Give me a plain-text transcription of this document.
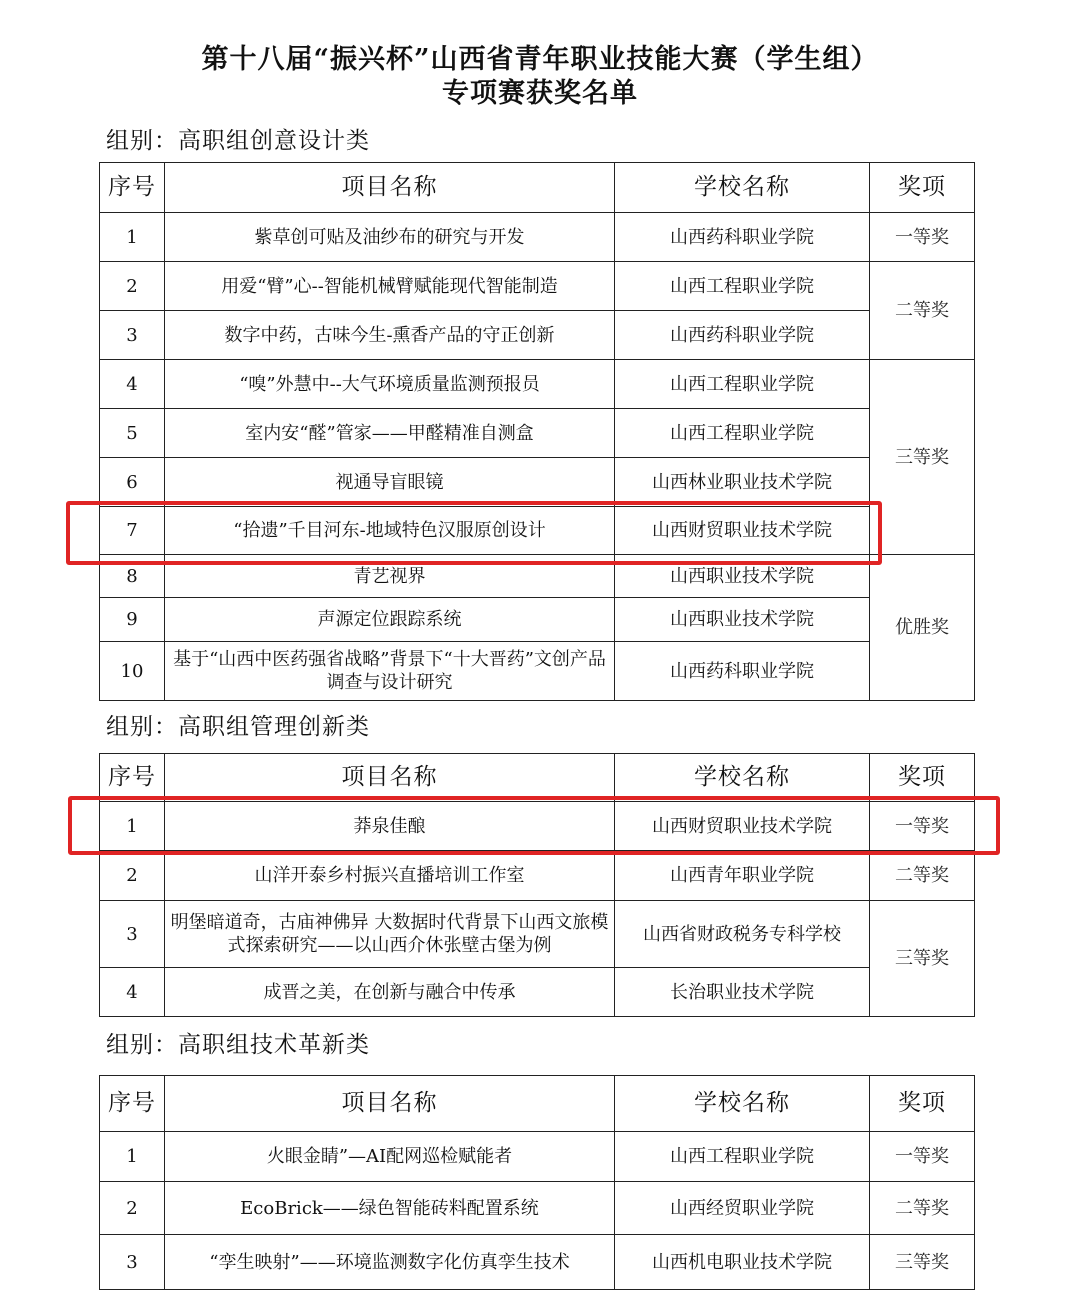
第十八届“振兴杯”山西省青年职业技能大赛（学生组）
专项赛获奖名单
组别：高职组创意设计类
序号	项目名称	学校名称	奖项
1	紫草创可贴及油纱布的研究与开发	山西药科职业学院	一等奖
2	用爱“臂”心--智能机械臂赋能现代智能制造	山西工程职业学院	二等奖
3	数字中药，古味今生-熏香产品的守正创新	山西药科职业学院	
4	“嗅”外慧中--大气环境质量监测预报员	山西工程职业学院	三等奖
5	室内安“醛”管家——甲醛精准自测盒	山西工程职业学院	
6	视通导盲眼镜	山西林业职业技术学院	
7	“拾遗”千目河东-地域特色汉服原创设计	山西财贸职业技术学院	
8	青艺视界	山西职业技术学院	优胜奖
9	声源定位跟踪系统	山西职业技术学院	
10	基于“山西中医药强省战略”背景下“十大晋药”文创产品调查与设计研究	山西药科职业学院	
组别：高职组管理创新类
序号	项目名称	学校名称	奖项
1	莽泉佳酿	山西财贸职业技术学院	一等奖
2	山洋开泰乡村振兴直播培训工作室	山西青年职业学院	二等奖
3	明堡暗道奇，古庙神佛异 大数据时代背景下山西文旅模式探索研究——以山西介休张壁古堡为例	山西省财政税务专科学校	三等奖
4	成晋之美，在创新与融合中传承	长治职业技术学院	
组别：高职组技术革新类
序号	项目名称	学校名称	奖项
1	火眼金睛”—AI配网巡检赋能者	山西工程职业学院	一等奖
2	EcoBrick——绿色智能砖料配置系统	山西经贸职业学院	二等奖
3	“孪生映射”——环境监测数字化仿真孪生技术	山西机电职业技术学院	三等奖
